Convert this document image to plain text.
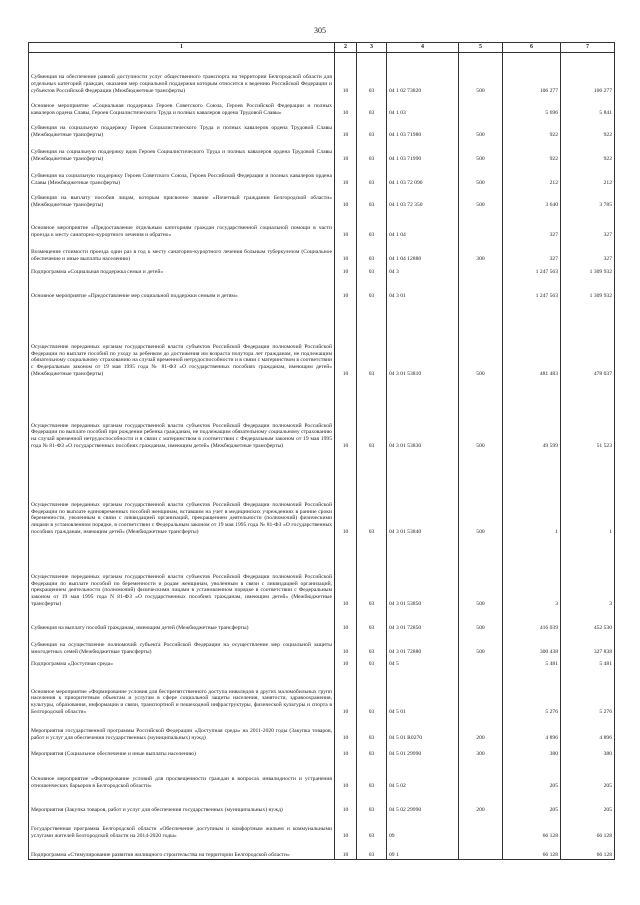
305
1	2	3	4	5	6	7
Субвенция на обеспечение равной доступности услуг общественного транспорта на территории Белгородской области для отдельных категорий граждан, оказание мер социальной поддержки которым относится к ведению Российской Федерации и субъектов Российской Федерации (Межбюджетные трансферты)	10	03	04 1 02 73820	500	106 277	106 277
Основное мероприятие «Социальная поддержка Героев Советского Союза, Героев Российской Федерации и полных кавалеров ордена Славы, Героев Социалистического Труда и полных кавалеров ордена Трудовой Славы»	10	03	04 1 03		5 696	5 841
Субвенция на социальную поддержку Героев Социалистического Труда и полных кавалеров ордена Трудовой Славы (Межбюджетные трансферты)	10	03	04 1 03 71980	500	922	922
Субвенция на социальную поддержку вдов Героев Социалистического Труда и полных кавалеров ордена Трудовой Славы (Межбюджетные трансферты)	10	03	04 1 03 71990	500	922	922
Субвенция на социальную поддержку Героев Советского Союза, Героев Российской Федерации и полных кавалеров ордена Славы (Межбюджетные трансферты)	10	03	04 1 03 72 090	500	212	212
Субвенция на выплату пособия лицам, которым присвоено звание «Почетный гражданин Белгородской области» (Межбюджетные трансферты)	10	03	04 1 03 72 350	500	3 640	3 785
Основное мероприятие «Предоставление отдельным категориям граждан государственной социальной помощи в части проезда к месту санаторно-курортного лечения и обратно»	10	03	04 1 04		327	327
Возмещение стоимости проезда один раз в год к месту санаторно-курортного лечения больным туберкулезом (Социальное обеспечение и иные выплаты населению)	10	03	04 1 04 12880	300	327	327
Подпрограмма «Социальная поддержка семьи и детей»	10	03	04 3		1 247 563	1 309 932
Основное мероприятие «Предоставление мер социальной поддержки семьям и детям»	10	03	04 3 01		1 247 563	1 309 932
Осуществление переданных органам государственной власти субъектов Российской Федерации полномочий Российской Федерации по выплате пособий по уходу за ребенком до достижения им возраста полутора лет гражданам, не подлежащим обязательному социальному страхованию на случай временной нетрудоспособности и в связи с материнством в соответствии с Федеральным законом от 19 мая 1995 года № 81-ФЗ «О государственных пособиях гражданам, имеющим детей» (Межбюджетные трансферты)	10	03	04 3 01 53810	500	481 483	478 037
Осуществление переданных органам государственной власти субъектов Российской Федерации полномочий Российской Федерации по выплате пособий при рождении ребенка гражданам, не подлежащим обязательному социальному страхованию на случай временной нетрудоспособности и в связи с материнством в соответствии с Федеральным законом от 19 мая 1995 года № 81-ФЗ «О государственных пособиях гражданам, имеющим детей» (Межбюджетные трансферты)	10	03	04 3 01 53830	500	49 599	51 523
Осуществление переданных органам государственной власти субъектов Российской Федерации полномочий Российской Федерации по выплате единовременных пособий женщинам, вставшим на учет в медицинских учреждениях в ранние сроки беременности, уволенным в связи с ликвидацией организаций, прекращением деятельности (полномочий) физическими лицами в установленном порядке, в соответствии с Федеральным законом от 19 мая 1995 года № 81-ФЗ «О государственных пособиях гражданам, имеющим детей» (Межбюджетные трансферты)	10	03	04 3 01 53840	500	1	1
Осуществление переданных органам государственной власти субъектов Российской Федерации полномочий Российской Федерации по выплате пособий по беременности и родам женщинам, уволенным в связи с ликвидацией организаций, прекращением деятельности (полномочий) физическими лицами в установленном порядке в соответствии с Федеральным законом от 19 мая 1995 года N 81-ФЗ «О государственных пособиях гражданам, имеющим детей» (Межбюджетные трансферты)	10	03	04 3 01 53850	500	3	3
Субвенция на выплату пособий гражданам, имеющим детей (Межбюджетные трансферты)	10	03	04 3 01 72850	500	416 039	452 530
Субвенция на осуществление полномочий субъекта Российской Федерации на осуществление мер социальной защиты многодетных семей (Межбюджетные трансферты)	10	03	04 3 01 72880	500	300 438	327 838
Подпрограмма «Доступная среда»	10	03	04 5		5 481	5 481
Основное мероприятие «Формирование условия для беспрепятственного доступа инвалидов и других маломобильных групп населения к приоритетным объектам и услугам в сфере социальной защиты населения, занятости, здравоохранения, культуры, образования, информации и связи, транспортной и пешеходной инфраструктуры, физической культуры и спорта в Белгородской области»	10	03	04 5 01		5 276	5 276
Мероприятия государственной программы Российской Федерации «Доступная среда» на 2011-2020 годы (Закупка товаров, работ и услуг для обеспечения государственных (муниципальных) нужд)	10	03	04 5 01 R0270	200	4 896	4 896
Мероприятия (Социальное обеспечение и иные выплаты населению)	10	03	04 5 01 29990	300	380	380
Основное мероприятие «Формирование условий для просвещенности граждан в вопросах инвалидности и устранения отношенческих барьеров в Белгородской области»	10	03	04 5 02		205	205
Мероприятия (Закупка товаров, работ и услуг для обеспечения государственных (муниципальных) нужд)	10	03	04 5 02 29990	200	205	205
Государственная программа Белгородской области «Обеспечение доступным и комфортным жильем и коммунальными услугами жителей Белгородской области на 2014-2020 годы»	10	03	09		66 128	66 128
Подпрограмма «Стимулирование развития жилищного строительства на территории Белгородской области»	10	03	09 1		66 128	66 128
